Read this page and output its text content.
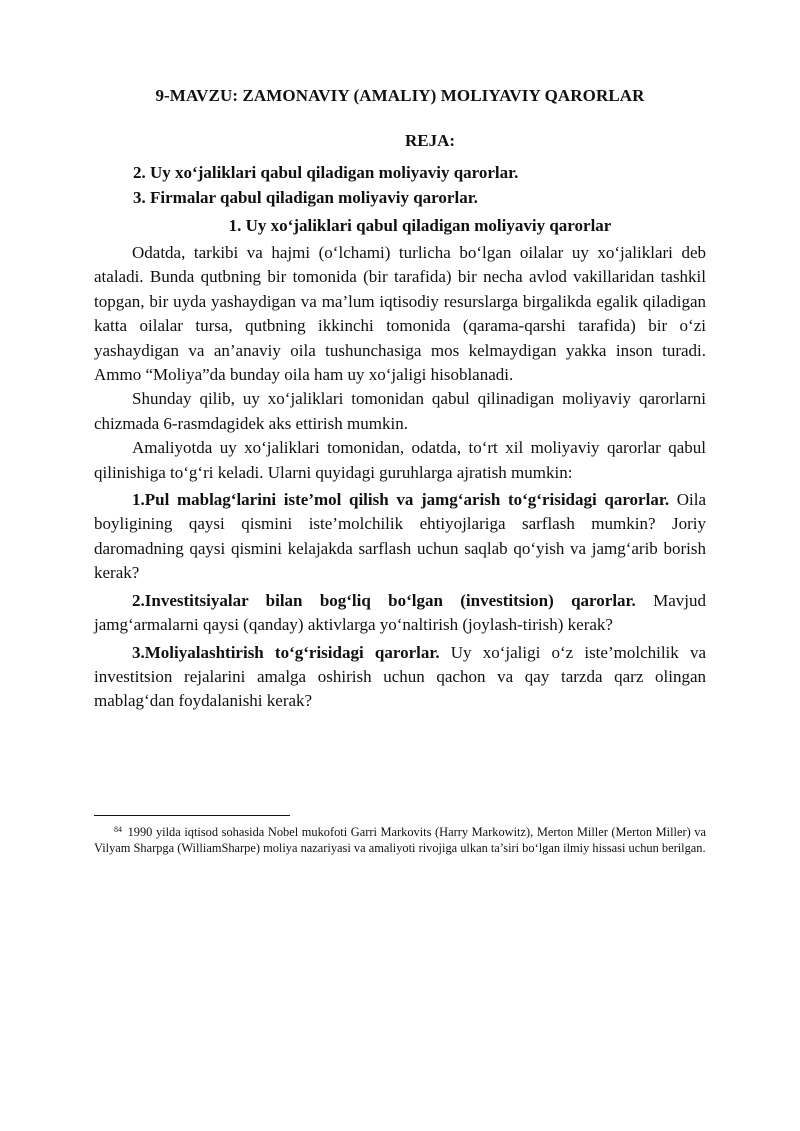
9-MAVZU: ZAMONAVIY (AMALIY) MOLIYAVIY QARORLAR
REJA:
2. Uy xo‘jaliklari qabul qiladigan moliyaviy qarorlar.
3. Firmalar qabul qiladigan moliyaviy qarorlar.
1. Uy xo‘jaliklari qabul qiladigan moliyaviy qarorlar

Odatda, tarkibi va hajmi (o‘lchami) turlicha bo‘lgan oilalar uy xo‘jaliklari deb ataladi. Bunda qutbning bir tomonida (bir tarafida) bir necha avlod vakillaridan tashkil topgan, bir uyda yashaydigan va ma’lum iqtisodiy resurslarga birgalikda egalik qiladigan katta oilalar tursa, qutbning ikkinchi tomonida (qarama-qarshi tarafida) bir o‘zi yashaydigan va an’anaviy oila tushunchasiga mos kelmaydigan yakka inson turadi. Ammo “Moliya”da bunday oila ham uy xo‘jaligi hisoblanadi.

Shunday qilib, uy xo‘jaliklari tomonidan qabul qilinadigan moliyaviy qarorlarni chizmada 6-rasmdagidek aks ettirish mumkin.

Amaliyotda uy xo‘jaliklari tomonidan, odatda, to‘rt xil moliyaviy qarorlar qabul qilinishiga to‘g‘ri keladi. Ularni quyidagi guruhlarga ajratish mumkin:

1.Pul mablag‘larini iste’mol qilish va jamg‘arish to‘g‘risidagi qarorlar. Oila boyligining qaysi qismini iste’molchilik ehtiyojlariga sarflash mumkin? Joriy daromadning qaysi qismini kelajakda sarflash uchun saqlab qo‘yish va jamg‘arib borish kerak?

2.Investitsiyalar bilan bog‘liq bo‘lgan (investitsion) qarorlar. Mavjud jamg‘armalarni qaysi (qanday) aktivlarga yo‘naltirish (joylash-tirish) kerak?

3.Moliyalashtirish to‘g‘risidagi qarorlar. Uy xo‘jaligi o‘z iste’molchilik va investitsion rejalarini amalga oshirish uchun qachon va qay tarzda qarz olingan mablag‘dan foydalanishi kerak?

$^{84}$ 1990 yilda iqtisod sohasida Nobel mukofoti Garri Markovits (Harry Markowitz), Merton Miller (Merton Miller) va Vilyam Sharpga (WilliamSharpe) moliya nazariyasi va amaliyoti rivojiga ulkan ta’siri bo‘lgan ilmiy hissasi uchun berilgan.
